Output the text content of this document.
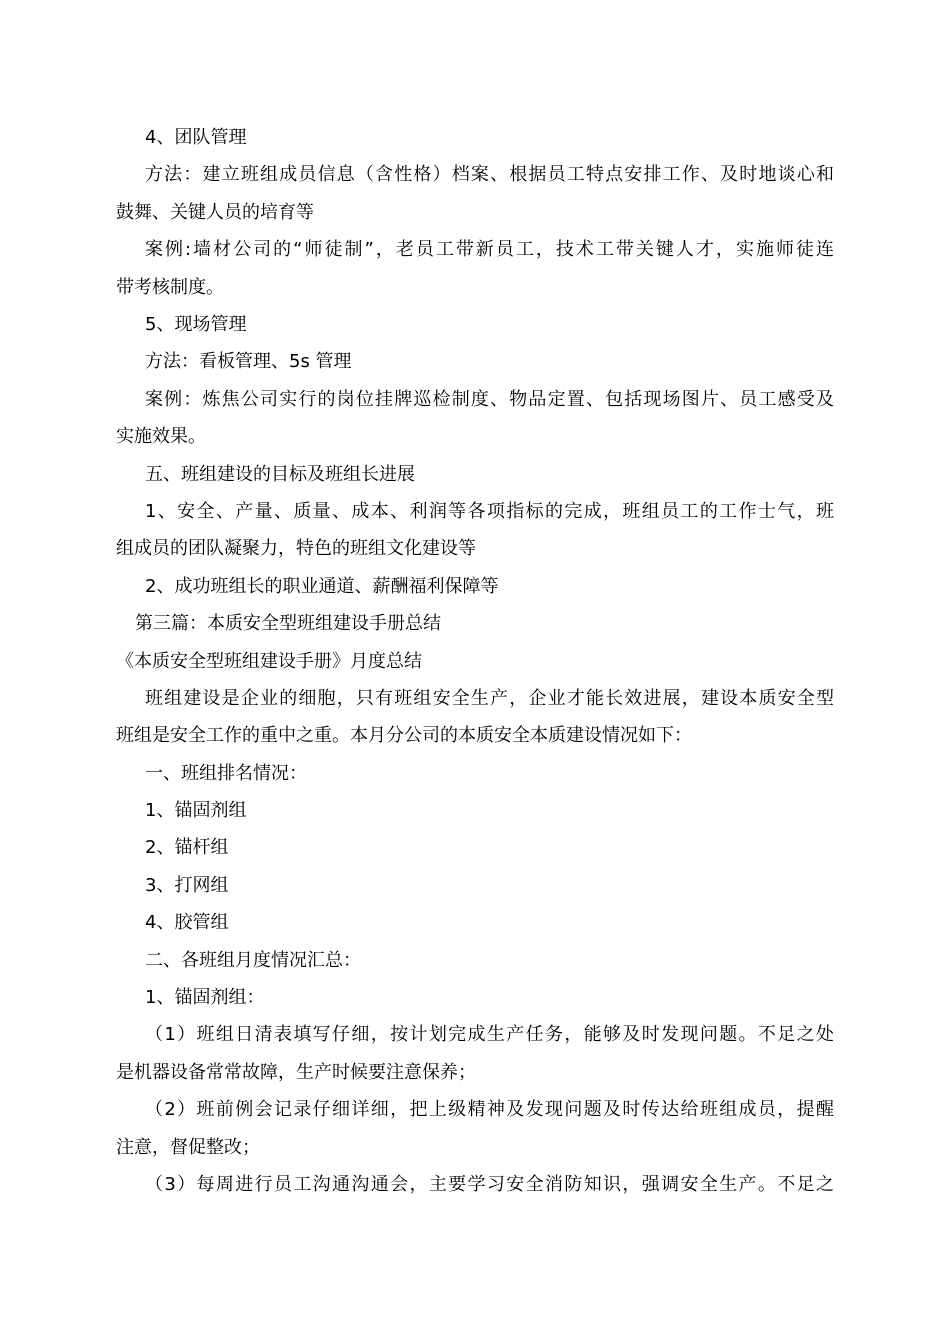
4、团队管理
方法：建立班组成员信息（含性格）档案、根据员工特点安排工作、及时地谈心和
鼓舞、关键人员的培育等
案例:墙材公司的“师徒制”，老员工带新员工，技术工带关键人才，实施师徒连
带考核制度。
5、现场管理
方法：看板管理、5s 管理
案例：炼焦公司实行的岗位挂牌巡检制度、物品定置、包括现场图片、员工感受及
实施效果。
五、班组建设的目标及班组长进展
1、安全、产量、质量、成本、利润等各项指标的完成，班组员工的工作士气，班
组成员的团队凝聚力，特色的班组文化建设等
2、成功班组长的职业通道、薪酬福利保障等
第三篇：本质安全型班组建设手册总结
《本质安全型班组建设手册》月度总结
班组建设是企业的细胞，只有班组安全生产，企业才能长效进展，建设本质安全型
班组是安全工作的重中之重。本月分公司的本质安全本质建设情况如下：
一、班组排名情况：
1、锚固剂组
2、锚杆组
3、打网组
4、胶管组
二、各班组月度情况汇总：
1、锚固剂组：
（1）班组日清表填写仔细，按计划完成生产任务，能够及时发现问题。不足之处
是机器设备常常故障，生产时候要注意保养；
（2）班前例会记录仔细详细，把上级精神及发现问题及时传达给班组成员，提醒
注意，督促整改；
（3）每周进行员工沟通沟通会，主要学习安全消防知识，强调安全生产。不足之
